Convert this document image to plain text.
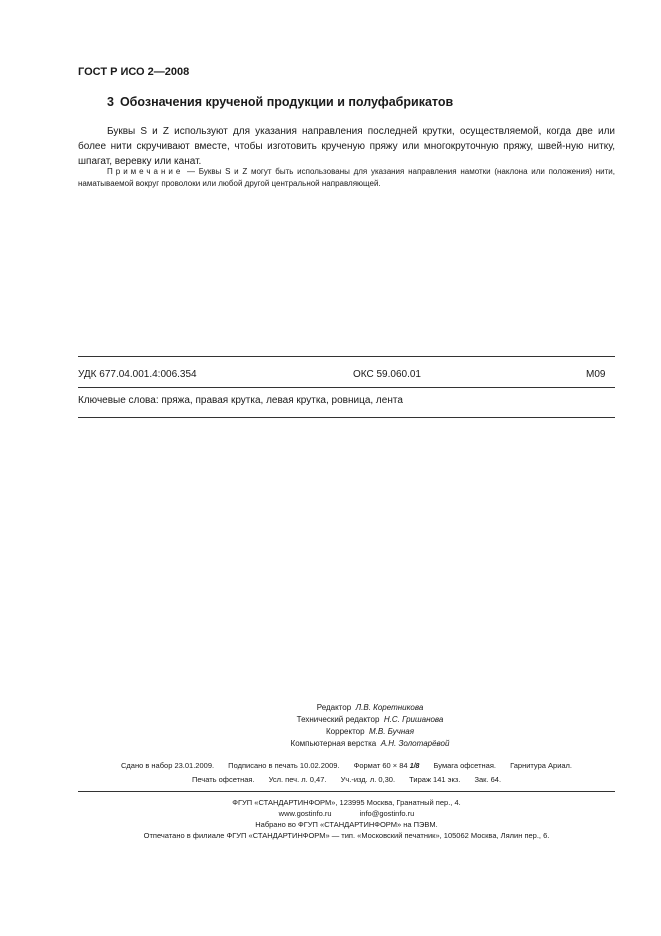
ГОСТ Р ИСО 2—2008
3 Обозначения крученой продукции и полуфабрикатов
Буквы S и Z используют для указания направления последней крутки, осуществляемой, когда две или более нити скручивают вместе, чтобы изготовить крученую пряжу или многокруточную пряжу, швей-ную нитку, шпагат, веревку или канат.
Примечание — Буквы S и Z могут быть использованы для указания направления намотки (наклона или положения) нити, наматываемой вокруг проволоки или любой другой центральной направляющей.
УДК 677.04.001.4:006.354	ОКС 59.060.01	М09
Ключевые слова: пряжа, правая крутка, левая крутка, ровница, лента
Редактор Л.В. Коретникова
Технический редактор Н.С. Гришанова
Корректор М.В. Бучная
Компьютерная верстка А.Н. Золотарёвой
Сдано в набор 23.01.2009. Подписано в печать 10.02.2009. Формат 60 × 84 1/8 Бумага офсетная. Гарнитура Ариал.
Печать офсетная. Усл. печ. л. 0,47. Уч.-изд. л. 0,30. Тираж 141 экз. Зак. 64.
ФГУП «СТАНДАРТИНФОРМ», 123995 Москва, Гранатный пер., 4.
www.gostinfo.ru	info@gostinfo.ru
Набрано во ФГУП «СТАНДАРТИНФОРМ» на ПЭВМ.
Отпечатано в филиале ФГУП «СТАНДАРТИНФОРМ» — тип. «Московский печатник», 105062 Москва, Лялин пер., 6.
